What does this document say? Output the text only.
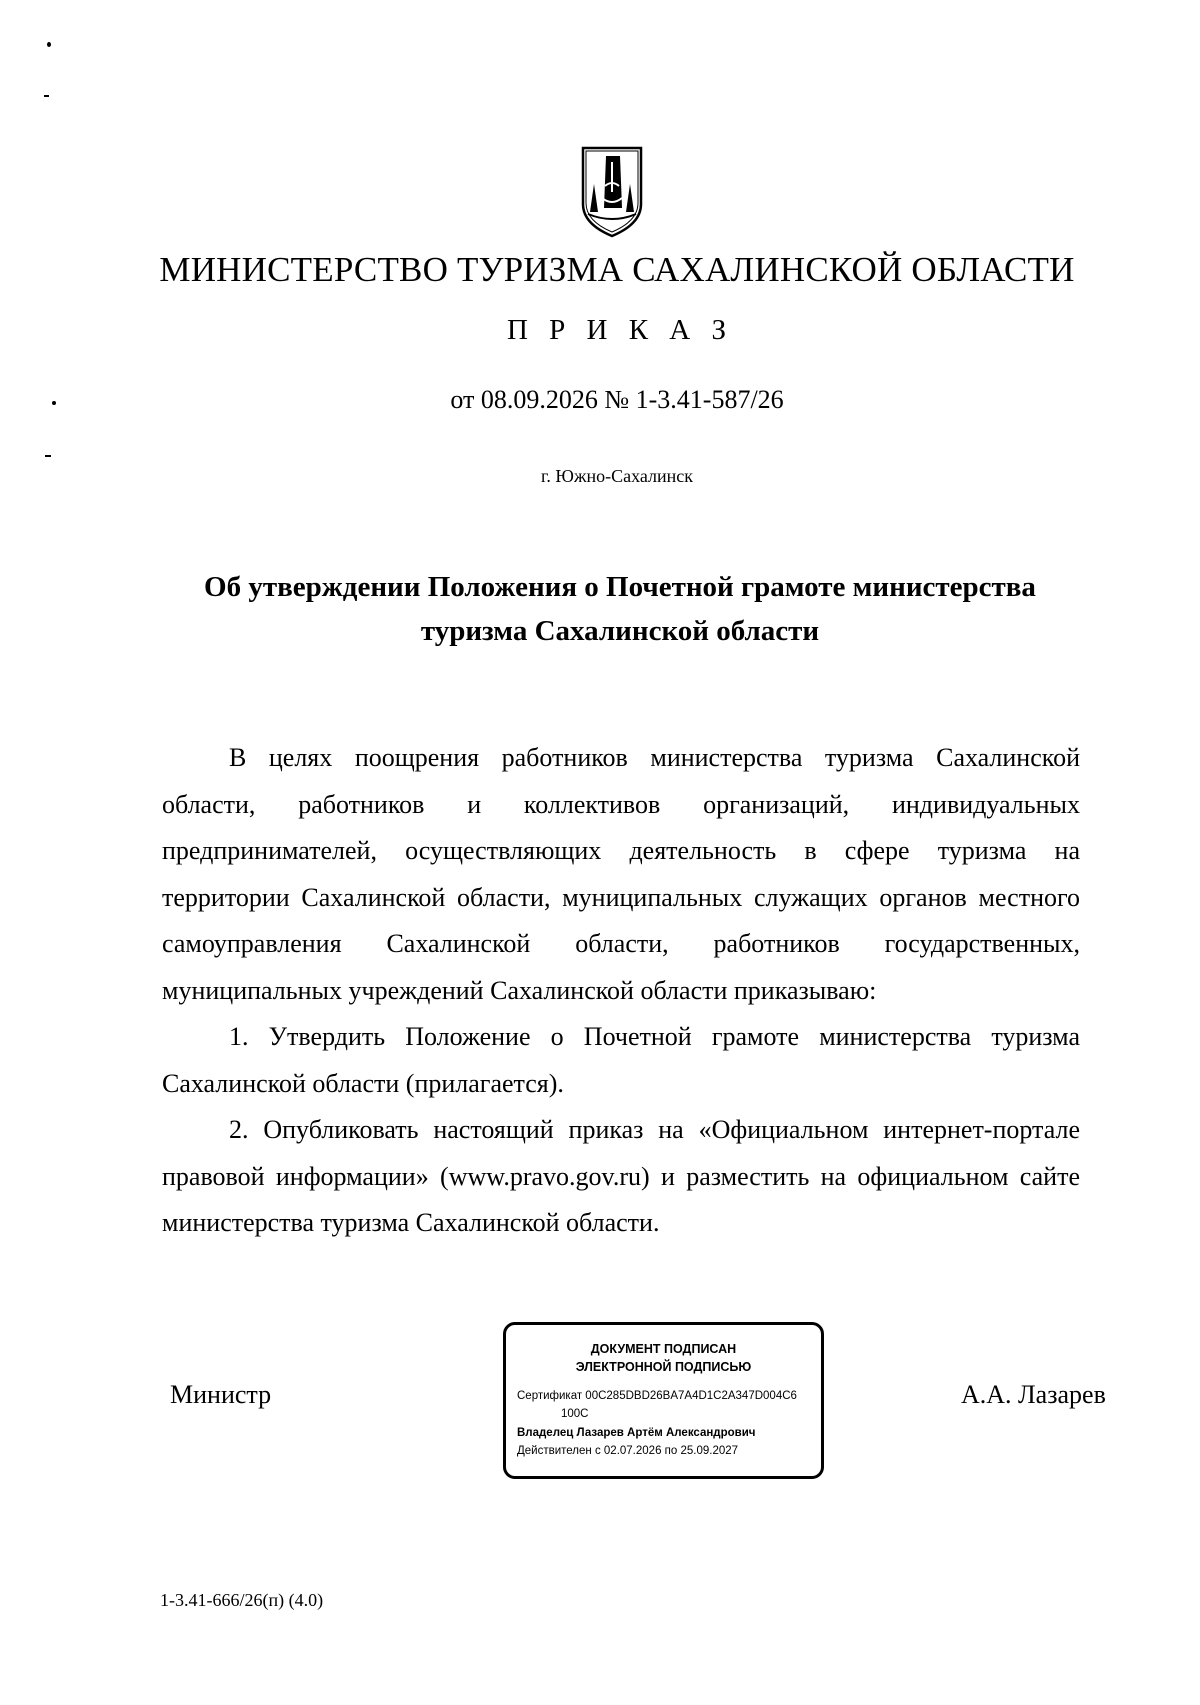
МИНИСТЕРСТВО ТУРИЗМА САХАЛИНСКОЙ ОБЛАСТИ
П Р И К А З
от 08.09.2026 № 1-3.41-587/26
г. Южно-Сахалинск
Об утверждении Положения о Почетной грамоте министерства
туризма Сахалинской области

В целях поощрения работников министерства туризма Сахалинской области, работников и коллективов организаций, индивидуальных предпринимателей, осуществляющих деятельность в сфере туризма на территории Сахалинской области, муниципальных служащих органов местного самоуправления Сахалинской области, работников государственных, муниципальных учреждений Сахалинской области приказываю:

1. Утвердить Положение о Почетной грамоте министерства туризма Сахалинской области (прилагается).

2. Опубликовать настоящий приказ на «Официальном интернет-портале правовой информации» (www.pravo.gov.ru) и разместить на официальном сайте министерства туризма Сахалинской области.

Министр
ДОКУМЕНТ ПОДПИСАН
ЭЛЕКТРОННОЙ ПОДПИСЬЮ
Сертификат 00C285DBD26BA7A4D1C2A347D004C6
100C
Владелец Лазарев Артём Александрович
Действителен с 02.07.2026 по 25.09.2027
А.А. Лазарев
1-3.41-666/26(п) (4.0)
